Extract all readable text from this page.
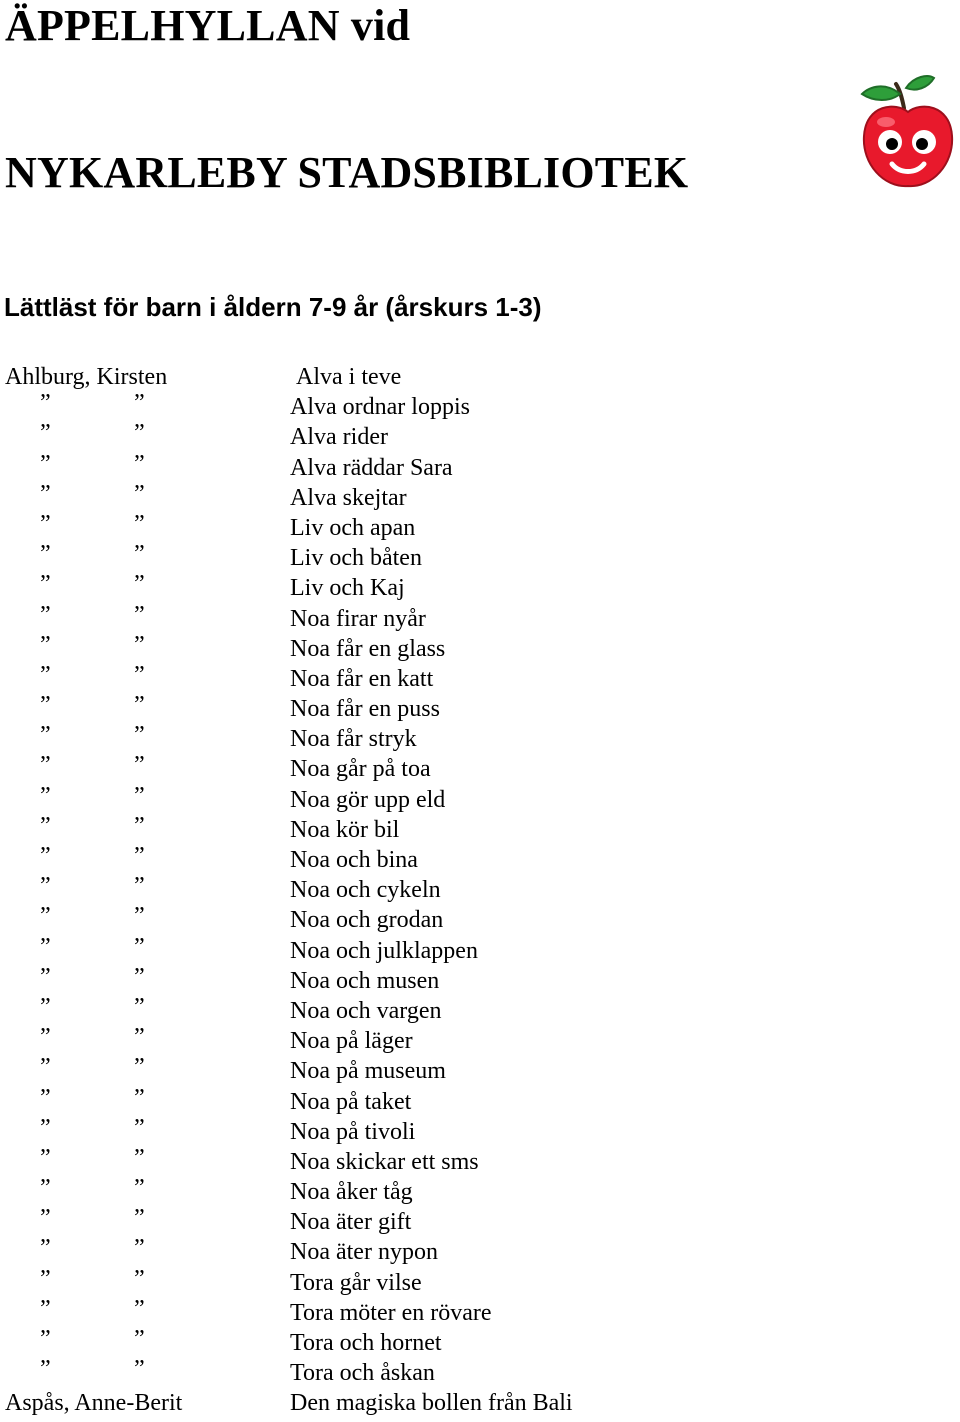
ÄPPELHYLLAN vid
NYKARLEBY STADSBIBLIOTEK
Lättläst för barn i åldern 7-9 år (årskurs 1-3)
Ahlburg, Kirsten	Alva i teve
”	”	Alva ordnar loppis
”	”	Alva rider
”	”	Alva räddar Sara
”	”	Alva skejtar
”	”	Liv och apan
”	”	Liv och båten
”	”	Liv och Kaj
”	”	Noa firar nyår
”	”	Noa får en glass
”	”	Noa får en katt
”	”	Noa får en puss
”	”	Noa får stryk
”	”	Noa går på toa
”	”	Noa gör upp eld
”	”	Noa kör bil
”	”	Noa och bina
”	”	Noa och cykeln
”	”	Noa och grodan
”	”	Noa och julklappen
”	”	Noa och musen
”	”	Noa och vargen
”	”	Noa på läger
”	”	Noa på museum
”	”	Noa på taket
”	”	Noa på tivoli
”	”	Noa skickar ett sms
”	”	Noa åker tåg
”	”	Noa äter gift
”	”	Noa äter nypon
”	”	Tora går vilse
”	”	Tora möter en rövare
”	”	Tora och hornet
”	”	Tora och åskan
Aspås, Anne-Berit	Den magiska bollen från Bali
